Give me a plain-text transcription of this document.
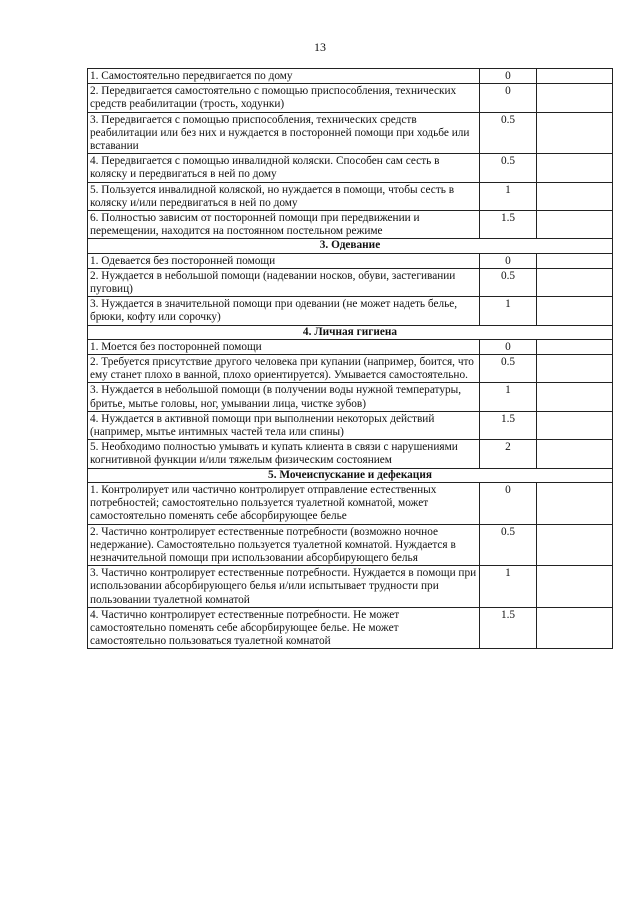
13
1. Самостоятельно передвигается по дому	0	
2. Передвигается самостоятельно с помощью приспособления, технических средств реабилитации (трость, ходунки)	0	
3. Передвигается с помощью приспособления, технических средств реабилитации или без них и нуждается в посторонней помощи при ходьбе или вставании	0.5	
4. Передвигается с помощью инвалидной коляски. Способен сам сесть в коляску и передвигаться в ней по дому	0.5	
5. Пользуется инвалидной коляской, но нуждается в помощи, чтобы сесть в коляску и/или передвигаться в ней по дому	1	
6. Полностью зависим от посторонней помощи при передвижении и перемещении, находится на постоянном постельном режиме	1.5	
3. Одевание		
1. Одевается без посторонней помощи	0	
2. Нуждается в небольшой помощи (надевании носков, обуви, застегивании пуговиц)	0.5	
3. Нуждается в значительной помощи при одевании (не может надеть белье, брюки, кофту или сорочку)	1	
4. Личная гигиена		
1. Моется без посторонней помощи	0	
2. Требуется присутствие другого человека при купании (например, боится, что ему станет плохо в ванной, плохо ориентируется). Умывается самостоятельно.	0.5	
3. Нуждается в небольшой помощи (в получении воды нужной температуры, бритье, мытье головы, ног, умывании лица, чистке зубов)	1	
4. Нуждается в активной помощи при выполнении некоторых действий (например, мытье интимных частей тела или спины)	1.5	
5. Необходимо полностью умывать и купать клиента в связи с нарушениями когнитивной функции и/или тяжелым физическим состоянием	2	
5. Мочеиспускание и дефекация		
1. Контролирует или частично контролирует отправление естественных потребностей; самостоятельно пользуется туалетной комнатой, может самостоятельно поменять себе абсорбирующее белье	0	
2. Частично контролирует естественные потребности (возможно ночное недержание). Самостоятельно пользуется туалетной комнатой. Нуждается в незначительной помощи при использовании абсорбирующего белья	0.5	
3. Частично контролирует естественные потребности. Нуждается в помощи при использовании абсорбирующего белья и/или испытывает трудности при пользовании туалетной комнатой	1	
4. Частично контролирует естественные потребности. Не может самостоятельно поменять себе абсорбирующее белье. Не может самостоятельно пользоваться туалетной комнатой	1.5	
